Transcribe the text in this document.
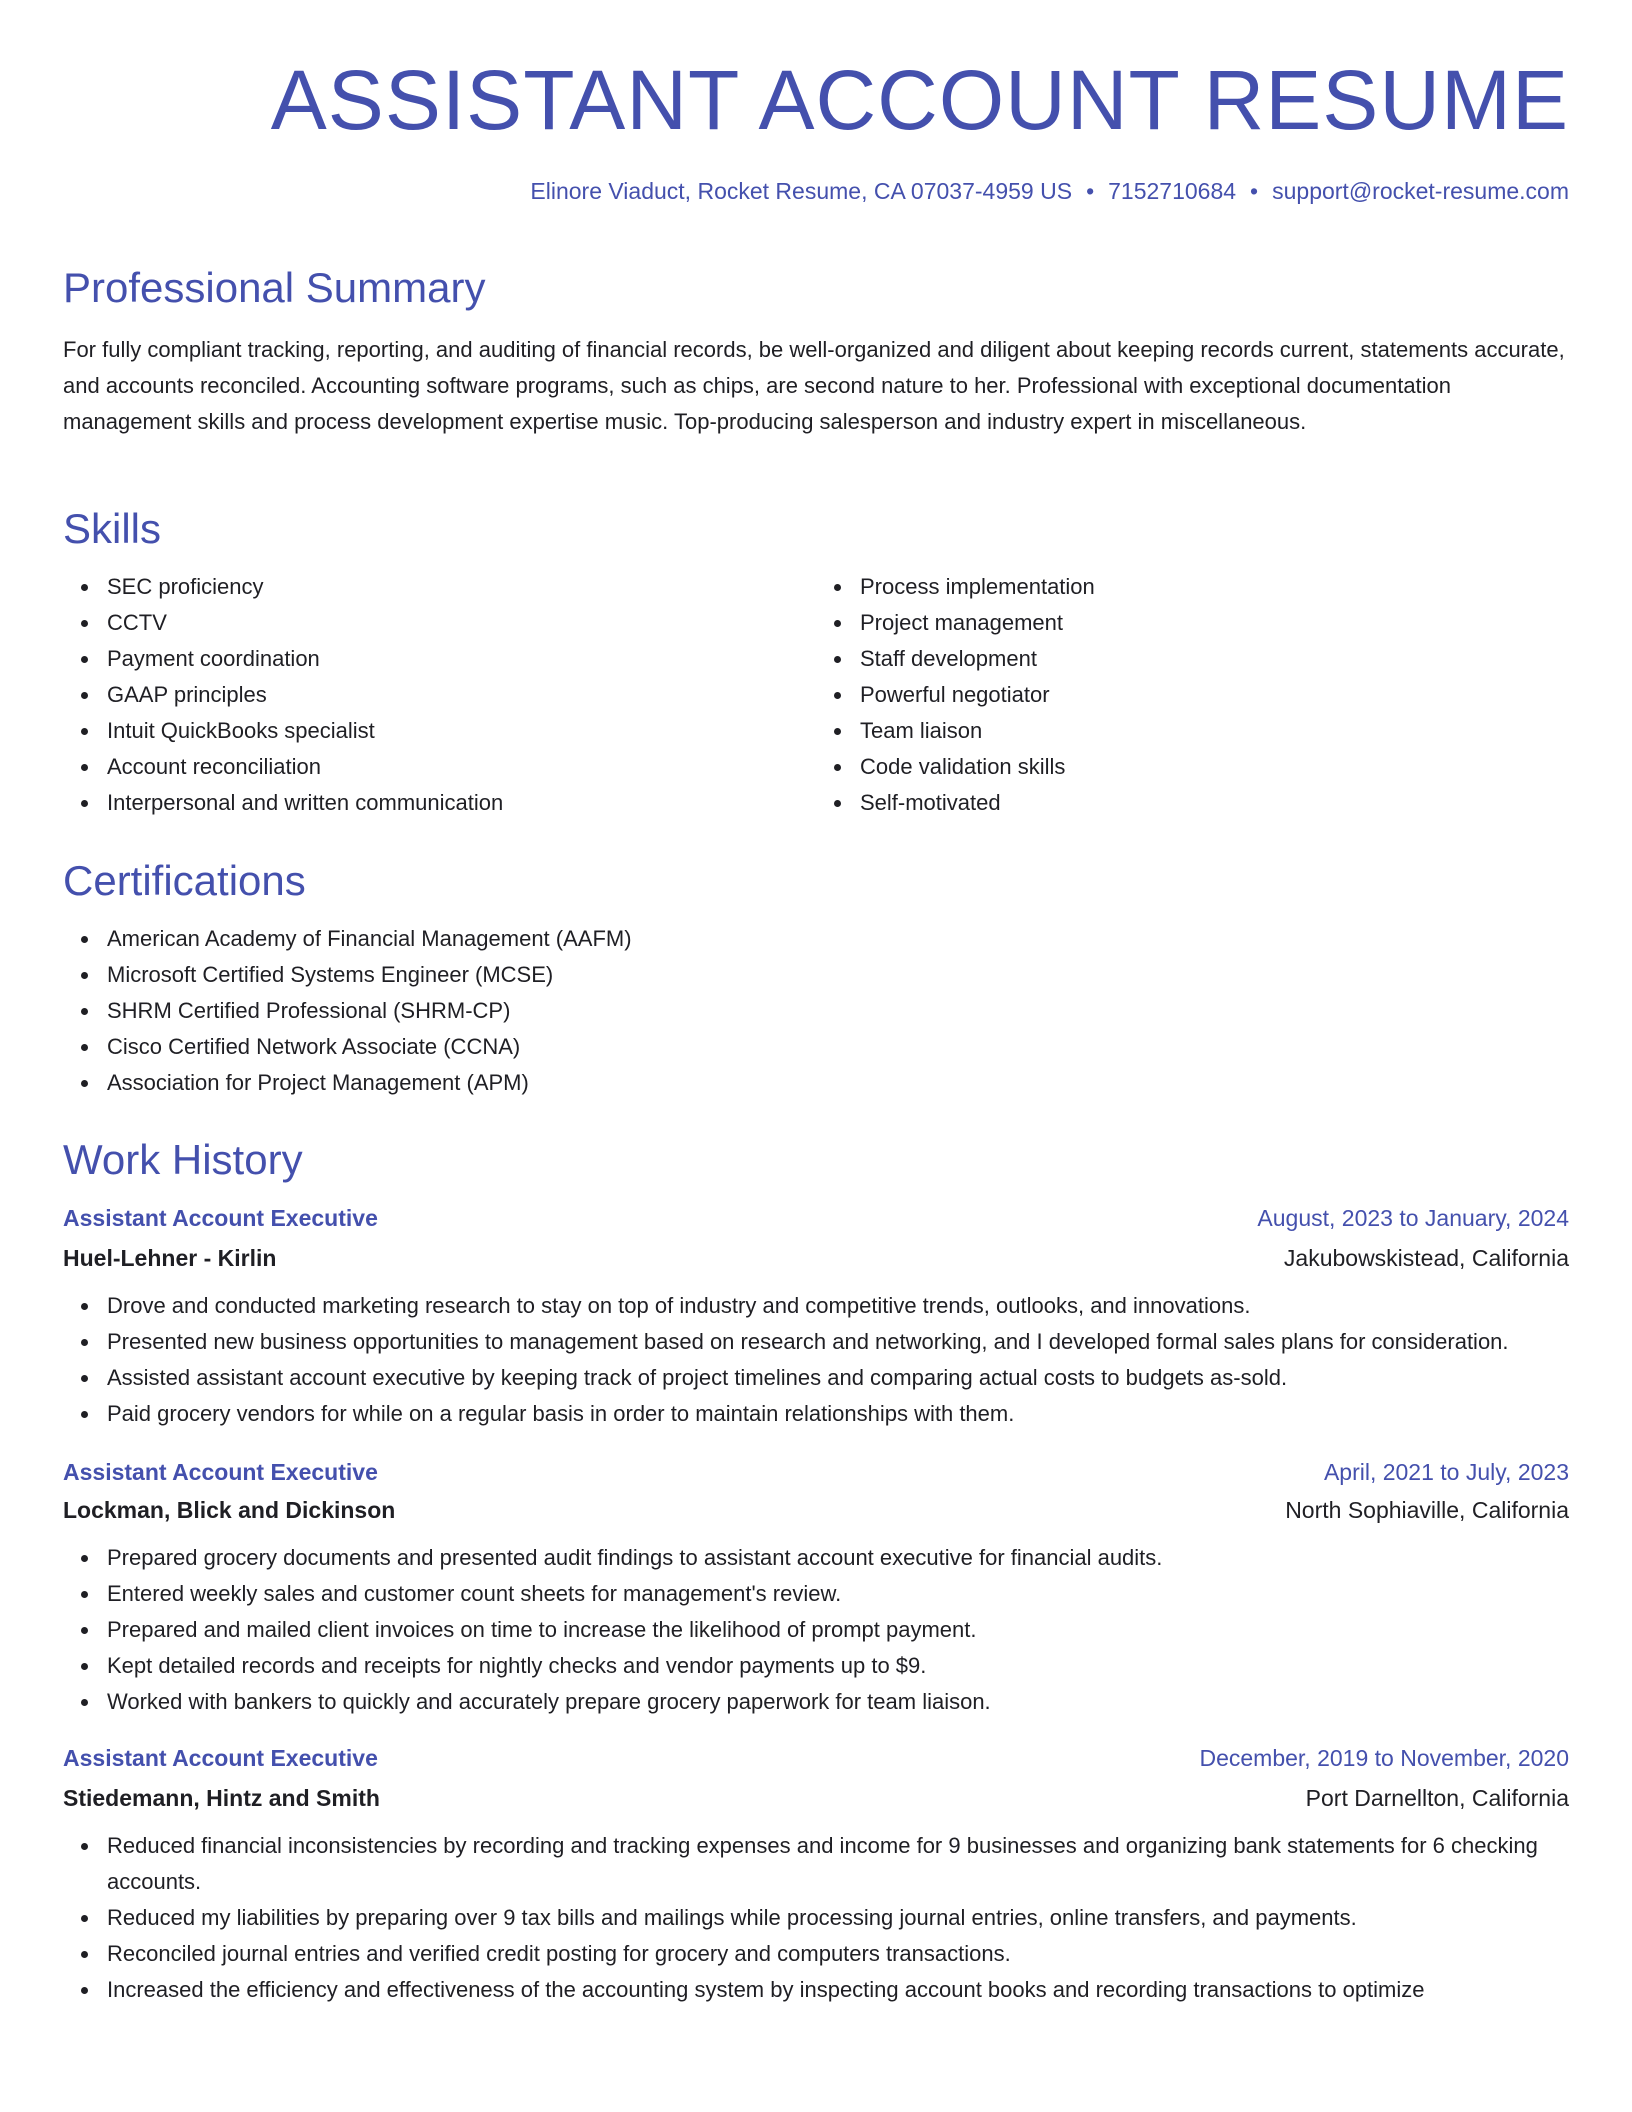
ASSISTANT ACCOUNT RESUME
Elinore Viaduct, Rocket Resume, CA 07037-4959 US • 7152710684 • support@rocket-resume.com
Professional Summary

For fully compliant tracking, reporting, and auditing of financial records, be well-organized and diligent about keeping records current, statements accurate, and accounts reconciled. Accounting software programs, such as chips, are second nature to her. Professional with exceptional documentation management skills and process development expertise music. Top-producing salesperson and industry expert in miscellaneous.

Skills
SEC proficiency
CCTV
Payment coordination
GAAP principles
Intuit QuickBooks specialist
Account reconciliation
Interpersonal and written communication
Process implementation
Project management
Staff development
Powerful negotiator
Team liaison
Code validation skills
Self-motivated
Certifications
American Academy of Financial Management (AAFM)
Microsoft Certified Systems Engineer (MCSE)
SHRM Certified Professional (SHRM-CP)
Cisco Certified Network Associate (CCNA)
Association for Project Management (APM)
Work History
Assistant Account Executive	August, 2023 to January, 2024
Huel-Lehner - Kirlin	Jakubowskistead, California
Drove and conducted marketing research to stay on top of industry and competitive trends, outlooks, and innovations.
Presented new business opportunities to management based on research and networking, and I developed formal sales plans for consideration.
Assisted assistant account executive by keeping track of project timelines and comparing actual costs to budgets as-sold.
Paid grocery vendors for while on a regular basis in order to maintain relationships with them.
Assistant Account Executive	April, 2021 to July, 2023
Lockman, Blick and Dickinson	North Sophiaville, California
Prepared grocery documents and presented audit findings to assistant account executive for financial audits.
Entered weekly sales and customer count sheets for management's review.
Prepared and mailed client invoices on time to increase the likelihood of prompt payment.
Kept detailed records and receipts for nightly checks and vendor payments up to $9.
Worked with bankers to quickly and accurately prepare grocery paperwork for team liaison.
Assistant Account Executive	December, 2019 to November, 2020
Stiedemann, Hintz and Smith	Port Darnellton, California
Reduced financial inconsistencies by recording and tracking expenses and income for 9 businesses and organizing bank statements for 6 checking accounts.
Reduced my liabilities by preparing over 9 tax bills and mailings while processing journal entries, online transfers, and payments.
Reconciled journal entries and verified credit posting for grocery and computers transactions.
Increased the efficiency and effectiveness of the accounting system by inspecting account books and recording transactions to optimize
